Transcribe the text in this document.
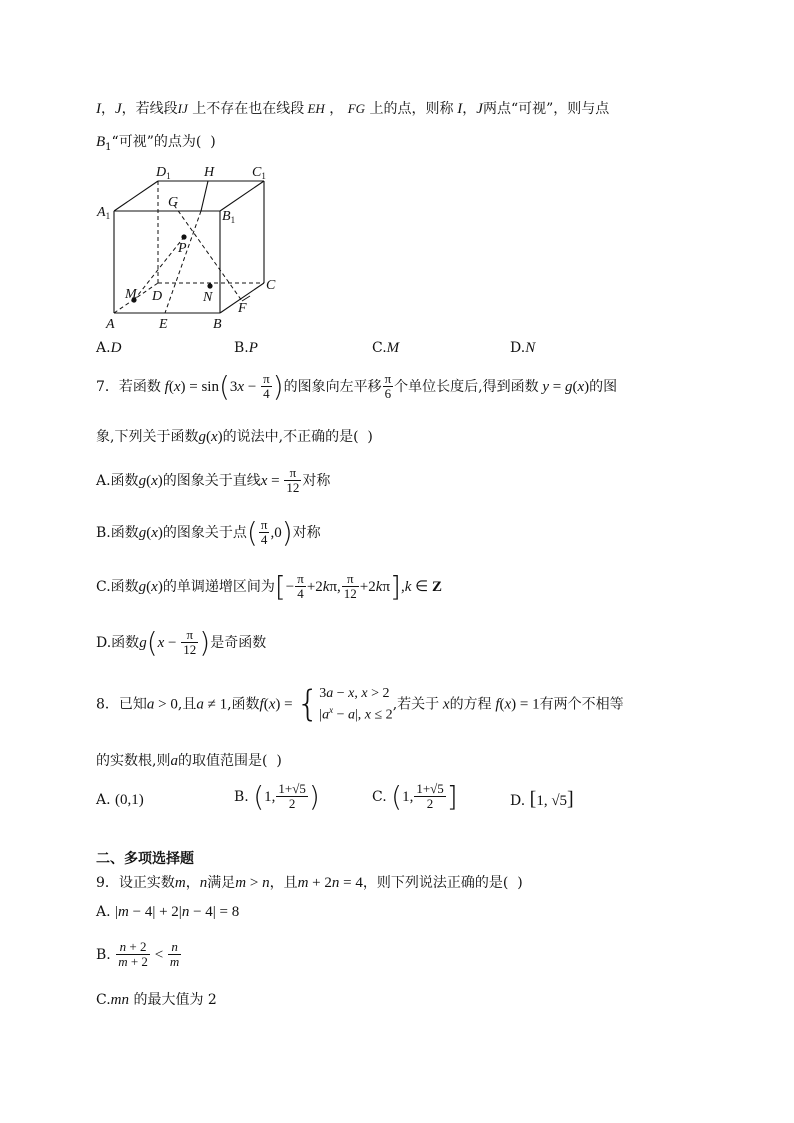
I，J，若线段IJ 上不存在也在线段 EH ， FG 上的点，则称 I，J两点“可视”，则与点
$B_1“$可视”的点为(  )
$D_1$ H	$C_1$
$A_1$
G
$B_1$
P
C
M	N
D
A	E	B
F
A.D	B.P	C.M	D.N
7．若函数 $f(x) = \sin(3x - \frac{\pi}{4}$ )的图象向左平移 $\frac{\pi}{6}$ 个单位长度后,得到函数 y = g(x)的图
象,下列关于函数g(x)的说法中,不正确的是(  )
A.函数g(x)的图象关于直线$x = \frac{\pi}{12}$ 对称
B.函数g(x)的图象关于点( $\frac{\pi}{4} ,0$)对称
C.函数g(x)的单调递增区间为[− $\frac{\pi}{4} +2k\pi$, $\frac{\pi}{12} +2k\pi],k$ ∈ Z
D.函数$g(x - \frac{\pi}{12}$ )是奇函数
8．已知a > 0,且a ≠ 1,函数f(x) = { 3a − x, x > 2
$|a^x - a|$, x ≤ 2
,若关于 x的方程 f(x) = 1有两个不相等
的实数根,则a的取值范围是(  )
A. (0,1)	B. (1, $\frac{1+√5}{2}$ )	C. (1, $\frac{1+√5}{2}$ ]	D. [1, √5]
二、多项选择题
9．设正实数m，n满足m > n，且m + 2n = 4，则下列说法正确的是(  )
A. |m − 4| + 2|n − 4| = 8
B. $\frac{n + 2}{m + 2} < \frac{n}{m}$
C.mn 的最大值为 2
